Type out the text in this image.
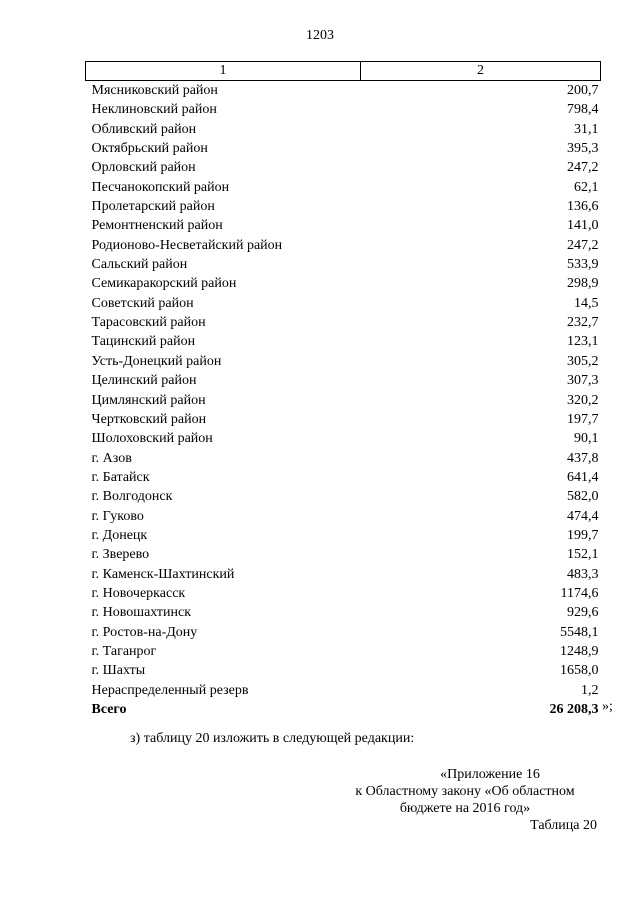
1203
1	2
Мясниковский район	200,7
Неклиновский район	798,4
Обливский район	31,1
Октябрьский район	395,3
Орловский район	247,2
Песчанокопский район	62,1
Пролетарский район	136,6
Ремонтненский район	141,0
Родионово-Несветайский район	247,2
Сальский район	533,9
Семикаракорский район	298,9
Советский район	14,5
Тарасовский район	232,7
Тацинский район	123,1
Усть-Донецкий район	305,2
Целинский район	307,3
Цимлянский район	320,2
Чертковский район	197,7
Шолоховский район	90,1
г. Азов	437,8
г. Батайск	641,4
г. Волгодонск	582,0
г. Гуково	474,4
г. Донецк	199,7
г. Зверево	152,1
г. Каменск-Шахтинский	483,3
г. Новочеркасск	1174,6
г. Новошахтинск	929,6
г. Ростов-на-Дону	5548,1
г. Таганрог	1248,9
г. Шахты	1658,0
Нераспределенный резерв	1,2
Всего	26 208,3 »;
з) таблицу 20 изложить в следующей редакции:
«Приложение 16
к Областному закону «Об областном
бюджете на 2016 год»
Таблица 20
